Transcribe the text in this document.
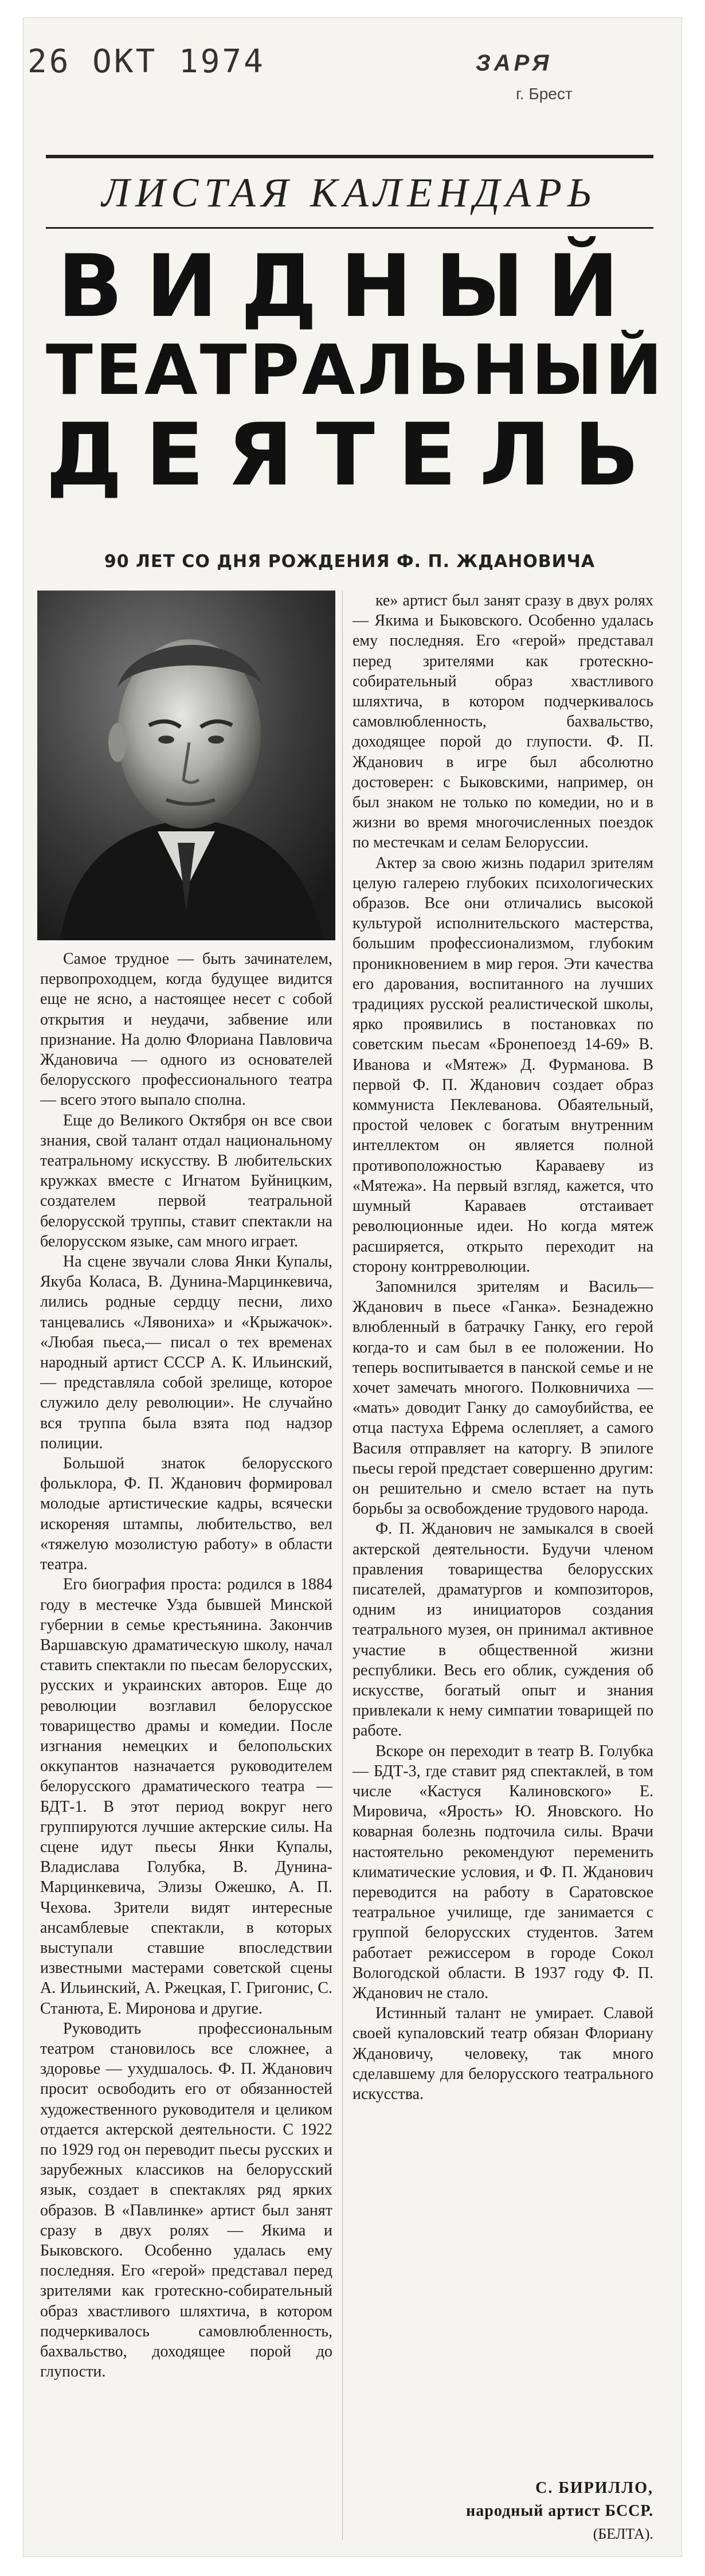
26 ОКТ 1974	ЗАРЯ
г. Брест
ЛИСТАЯ КАЛЕНДАРЬ
ВИДНЫЙ
ТЕАТРАЛЬНЫЙ
ДЕЯТЕЛЬ
90 ЛЕТ СО ДНЯ РОЖДЕНИЯ Ф. П. ЖДАНОВИЧА

Самое трудное — быть зачинателем, первопроходцем, когда будущее видится еще не ясно, а настоящее несет с собой открытия и неудачи, забвение или признание. На долю Флориана Павловича Ждановича — одного из основателей белорусского профессионального театра — всего этого выпало сполна.

Еще до Великого Октября он все свои знания, свой талант отдал национальному театральному искусству. В любительских кружках вместе с Игнатом Буйницким, создателем первой театральной белорусской труппы, ставит спектакли на белорусском языке, сам много играет.

На сцене звучали слова Янки Купалы, Якуба Коласа, В. Дунина-Марцинкевича, лились родные сердцу песни, лихо танцевались «Лявониха» и «Крыжачок». «Любая пьеса,— писал о тех временах народный артист СССР А. К. Ильинский, — представляла собой зрелище, которое служило делу революции». Не случайно вся труппа была взята под надзор полиции.

Большой знаток белорусского фольклора, Ф. П. Жданович формировал молодые артистические кадры, всячески искореняя штампы, любительство, вел «тяжелую мозолистую работу» в области театра.

Его биография проста: родился в 1884 году в местечке Узда бывшей Минской губернии в семье крестьянина. Закончив Варшавскую драматическую школу, начал ставить спектакли по пьесам белорусских, русских и украинских авторов. Еще до революции возглавил белорусское товарищество драмы и комедии. После изгнания немецких и белопольских оккупантов назначается руководителем белорусского драматического театра — БДТ-1. В этот период вокруг него группируются лучшие актерские силы. На сцене идут пьесы Янки Купалы, Владислава Голубка, В. Дунина-Марцинкевича, Элизы Ожешко, А. П. Чехова. Зрители видят интересные ансамблевые спектакли, в которых выступали ставшие впоследствии известными мастерами советской сцены А. Ильинский, А. Ржецкая, Г. Григонис, С. Станюта, Е. Миронова и другие.

Руководить профессиональным театром становилось все сложнее, а здоровье — ухудшалось. Ф. П. Жданович просит освободить его от обязанностей художественного руководителя и целиком отдается актерской деятельности. С 1922 по 1929 год он переводит пьесы русских и зарубежных классиков на белорусский язык, создает в спектаклях ряд ярких образов. В «Павлинке» артист был занят сразу в двух ролях — Якима и Быковского. Особенно удалась ему последняя. Его «герой» представал перед зрителями как гротескно-собирательный образ хвастливого шляхтича, в котором подчеркивалось самовлюбленность, бахвальство, доходящее порой до глупости.

ке» артист был занят сразу в двух ролях — Якима и Быковского. Особенно удалась ему последняя. Его «герой» представал перед зрителями как гротескно-собирательный образ хвастливого шляхтича, в котором подчеркивалось самовлюбленность, бахвальство, доходящее порой до глупости. Ф. П. Жданович в игре был абсолютно достоверен: с Быковскими, например, он был знаком не только по комедии, но и в жизни во время многочисленных поездок по местечкам и селам Белоруссии.

Актер за свою жизнь подарил зрителям целую галерею глубоких психологических образов. Все они отличались высокой культурой исполнительского мастерства, большим профессионализмом, глубоким проникновением в мир героя. Эти качества его дарования, воспитанного на лучших традициях русской реалистической школы, ярко проявились в постановках по советским пьесам «Бронепоезд 14-69» В. Иванова и «Мятеж» Д. Фурманова. В первой Ф. П. Жданович создает образ коммуниста Пеклеванова. Обаятельный, простой человек с богатым внутренним интеллектом он является полной противоположностью Караваеву из «Мятежа». На первый взгляд, кажется, что шумный Караваев отстаивает революционные идеи. Но когда мятеж расширяется, открыто переходит на сторону контрреволюции.

Запомнился зрителям и Василь—Жданович в пьесе «Ганка». Безнадежно влюбленный в батрачку Ганку, его герой когда-то и сам был в ее положении. Но теперь воспитывается в панской семье и не хочет замечать многого. Полковничиха — «мать» доводит Ганку до самоубийства, ее отца пастуха Ефрема ослепляет, а самого Василя отправляет на каторгу. В эпилоге пьесы герой предстает совершенно другим: он решительно и смело встает на путь борьбы за освобождение трудового народа.

Ф. П. Жданович не замыкался в своей актерской деятельности. Будучи членом правления товарищества белорусских писателей, драматургов и композиторов, одним из инициаторов создания театрального музея, он принимал активное участие в общественной жизни республики. Весь его облик, суждения об искусстве, богатый опыт и знания привлекали к нему симпатии товарищей по работе.

Вскоре он переходит в театр В. Голубка — БДТ-3, где ставит ряд спектаклей, в том числе «Кастуся Калиновского» Е. Мировича, «Ярость» Ю. Яновского. Но коварная болезнь подточила силы. Врачи настоятельно рекомендуют переменить климатические условия, и Ф. П. Жданович переводится на работу в Саратовское театральное училище, где занимается с группой белорусских студентов. Затем работает режиссером в городе Сокол Вологодской области. В 1937 году Ф. П. Жданович не стало.

Истинный талант не умирает. Славой своей купаловский театр обязан Флориану Ждановичу, человеку, так много сделавшему для белорусского театрального искусства.

С. БИРИЛЛО,
народный артист БССР.
(БЕЛТА).
